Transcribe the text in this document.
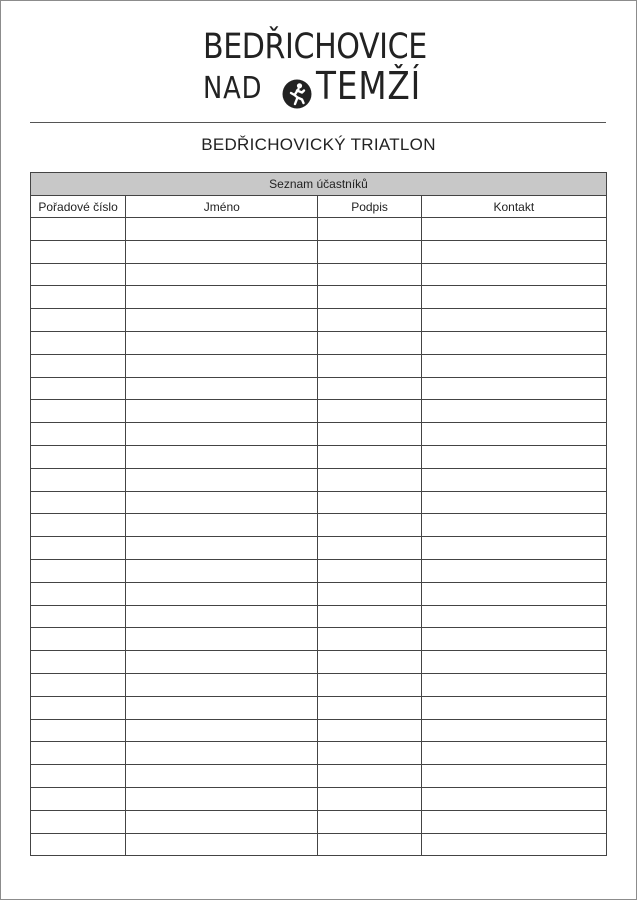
BEDŘICHOVICE
NAD TEMŽÍ
BEDŘICHOVICKÝ TRIATLON
Seznam účastníků			
Pořadové číslo	Jméno	Podpis	Kontakt
